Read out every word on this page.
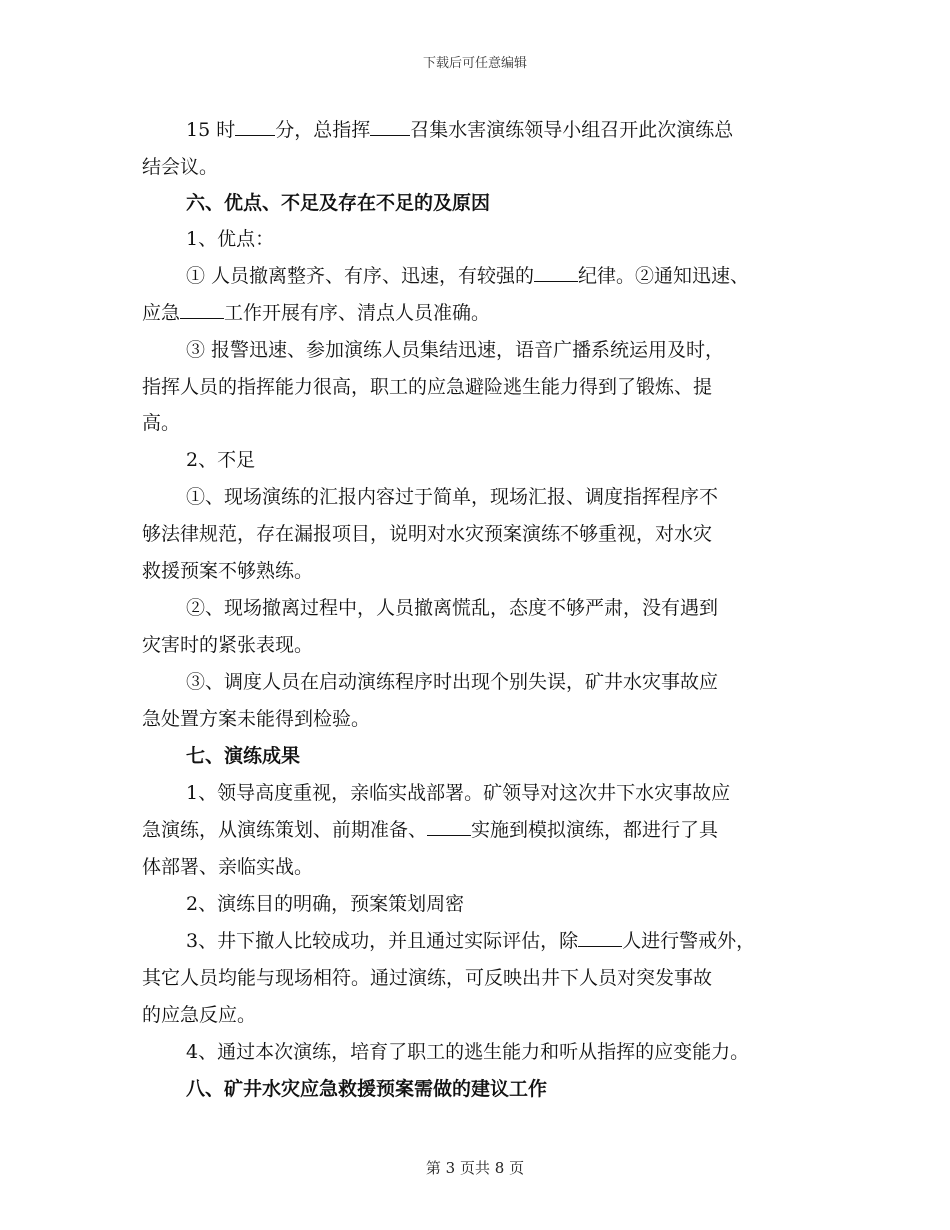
下载后可任意编辑
15 时 分，总指挥 召集水害演练领导小组召开此次演练总
结会议。
六、优点、不足及存在不足的及原因
1、优点：
① 人员撤离整齐、有序、迅速，有较强的 纪律。②通知迅速、
应急 工作开展有序、清点人员准确。
③ 报警迅速、参加演练人员集结迅速，语音广播系统运用及时，
指挥人员的指挥能力很高，职工的应急避险逃生能力得到了锻炼、提
高。
2、不足
①、现场演练的汇报内容过于简单，现场汇报、调度指挥程序不
够法律规范，存在漏报项目，说明对水灾预案演练不够重视，对水灾
救援预案不够熟练。
②、现场撤离过程中，人员撤离慌乱，态度不够严肃，没有遇到
灾害时的紧张表现。
③、调度人员在启动演练程序时出现个别失误，矿井水灾事故应
急处置方案未能得到检验。
七、演练成果
1、领导高度重视，亲临实战部署。矿领导对这次井下水灾事故应
急演练，从演练策划、前期准备、 实施到模拟演练，都进行了具
体部署、亲临实战。
2、演练目的明确，预案策划周密
3、井下撤人比较成功，并且通过实际评估，除 人进行警戒外，
其它人员均能与现场相符。通过演练，可反映出井下人员对突发事故
的应急反应。
4、通过本次演练，培育了职工的逃生能力和听从指挥的应变能力。
八、矿井水灾应急救援预案需做的建议工作
第 3 页共 8 页
